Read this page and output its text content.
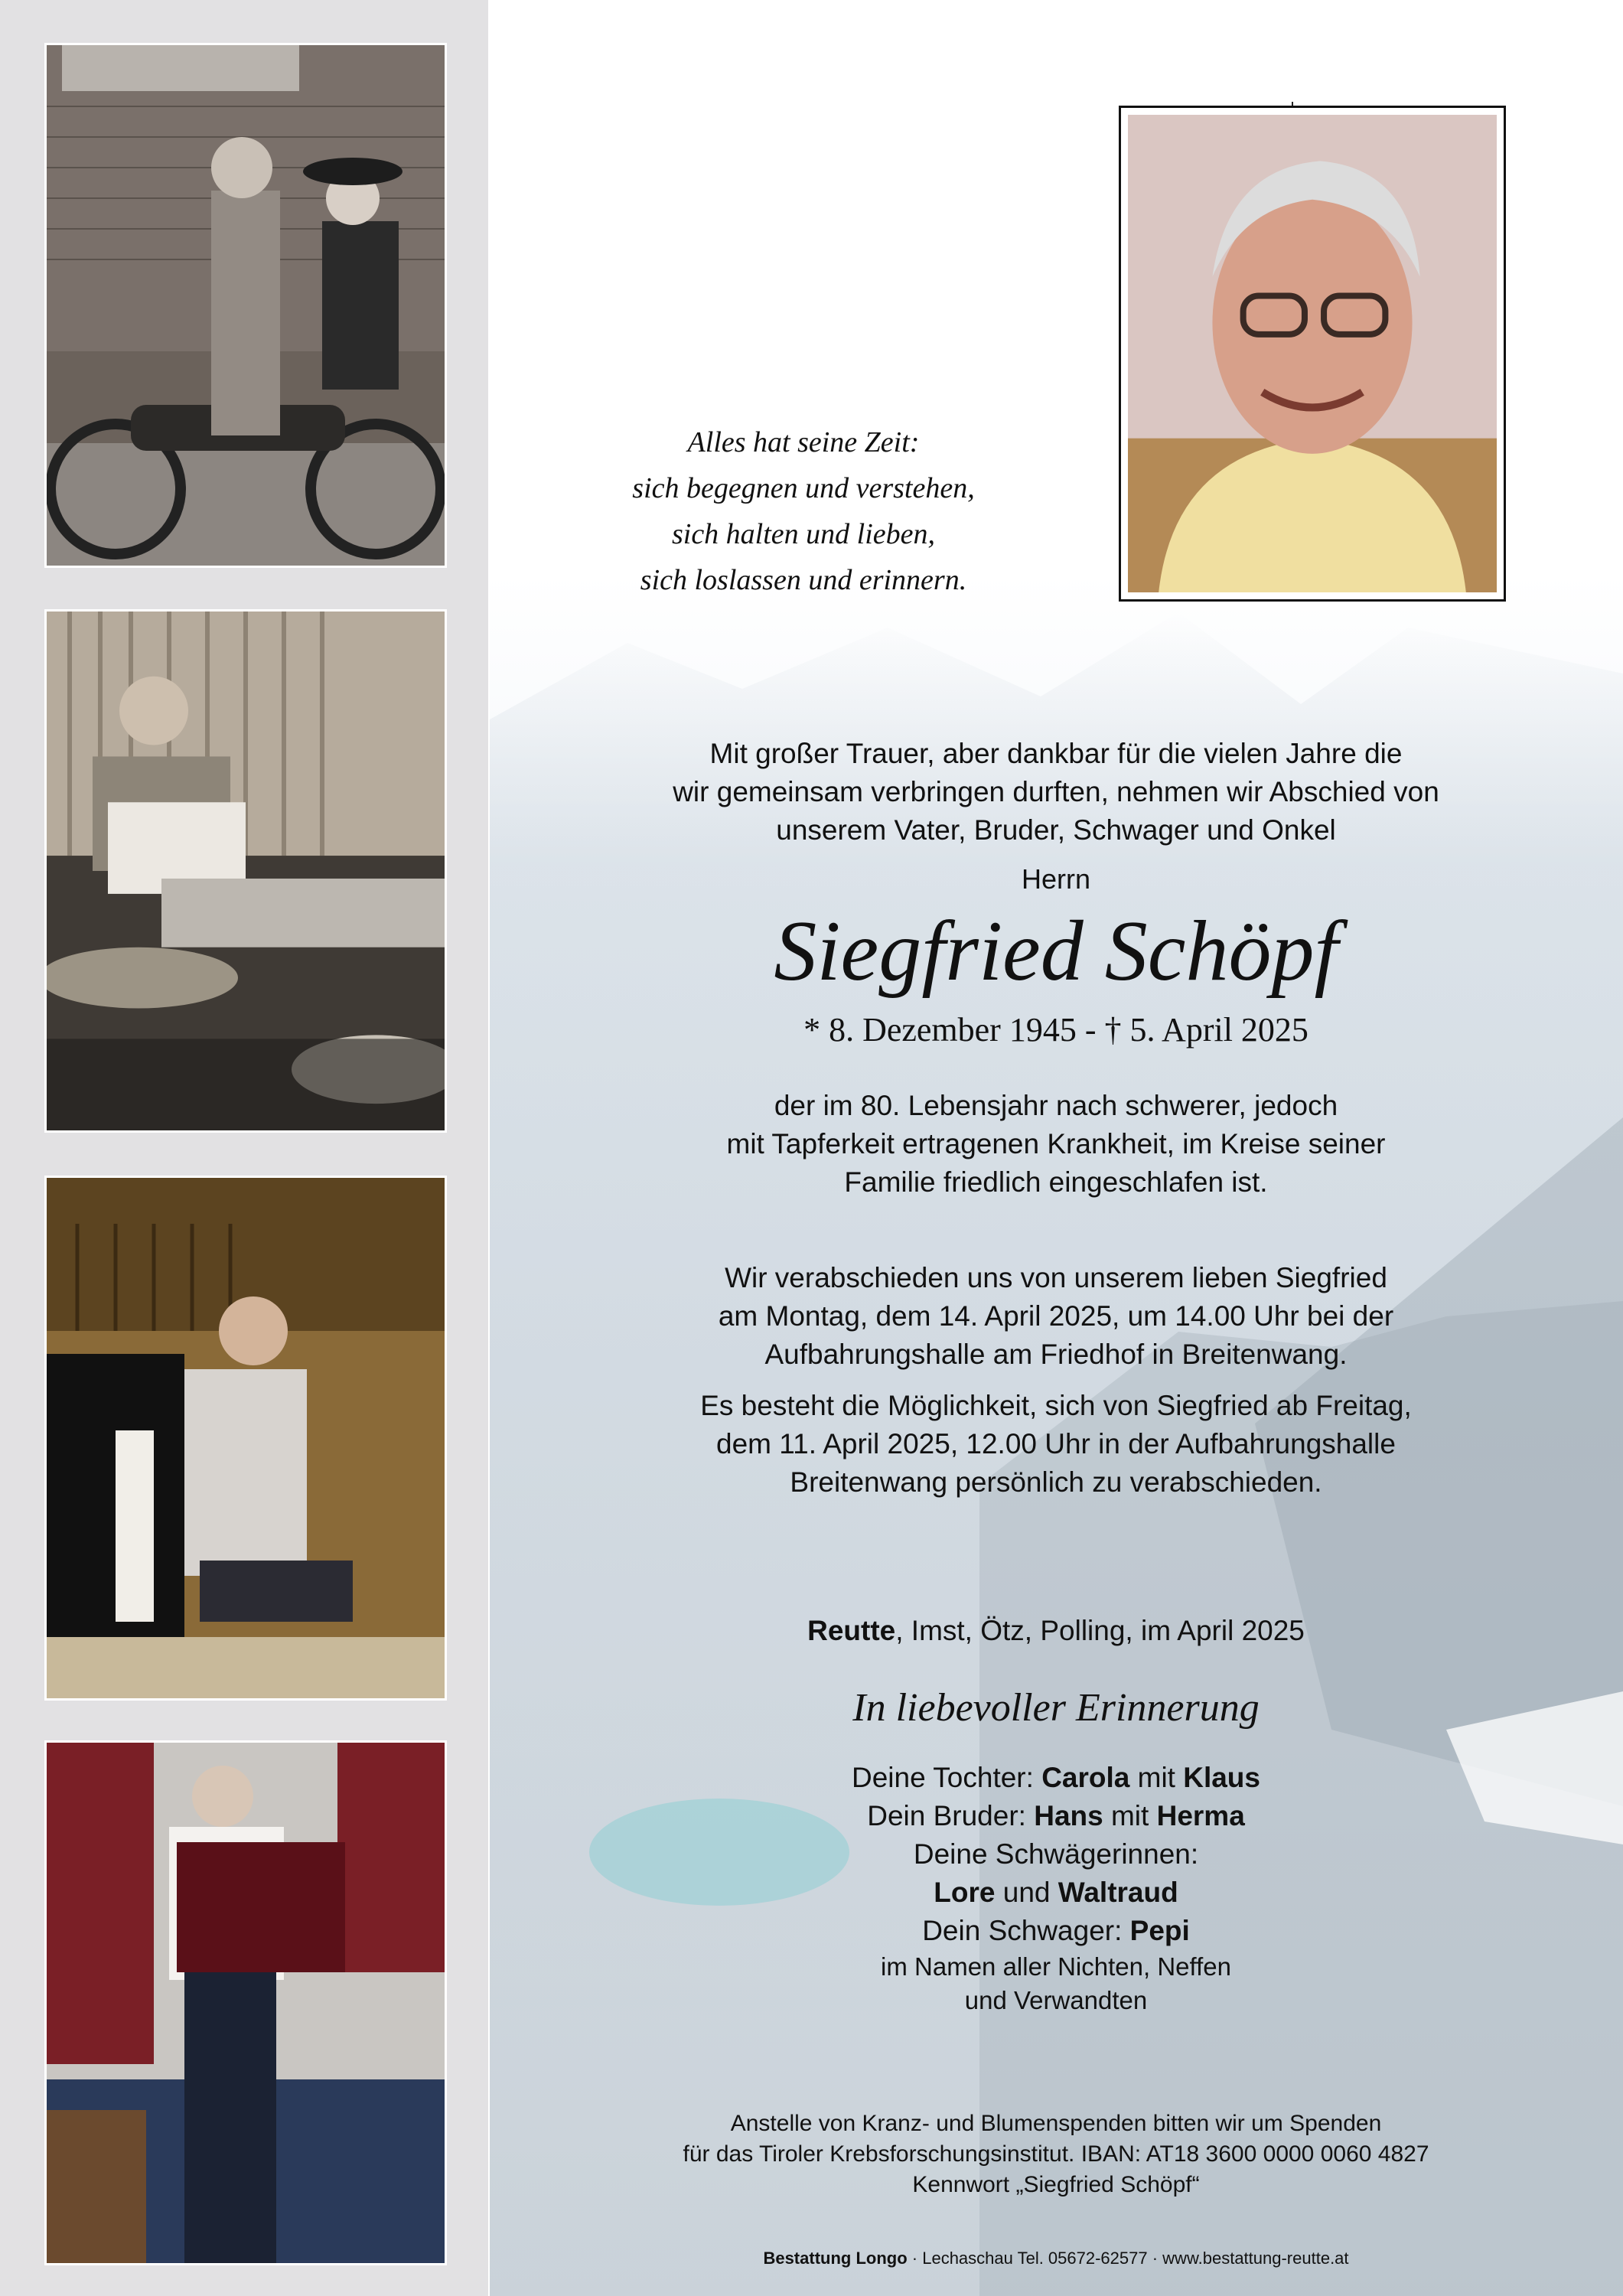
Alles hat seine Zeit:
sich begegnen und verstehen,
sich halten und lieben,
sich loslassen und erinnern.
Mit großer Trauer, aber dankbar für die vielen Jahre die
wir gemeinsam verbringen durften, nehmen wir Abschied von
unserem Vater, Bruder, Schwager und Onkel
Herrn
Siegfried Schöpf
* 8. Dezember 1945 - † 5. April 2025
der im 80. Lebensjahr nach schwerer, jedoch
mit Tapferkeit ertragenen Krankheit, im Kreise seiner
Familie friedlich eingeschlafen ist.
Wir verabschieden uns von unserem lieben Siegfried
am Montag, dem 14. April 2025, um 14.00 Uhr bei der
Aufbahrungshalle am Friedhof in Breitenwang.
Es besteht die Möglichkeit, sich von Siegfried ab Freitag,
dem 11. April 2025, 12.00 Uhr in der Aufbahrungshalle
Breitenwang persönlich zu verabschieden.
Reutte, Imst, Ötz, Polling, im April 2025
In liebevoller Erinnerung
Deine Tochter: Carola mit Klaus
Dein Bruder: Hans mit Herma
Deine Schwägerinnen:
Lore und Waltraud
Dein Schwager: Pepi
im Namen aller Nichten, Neffen
und Verwandten
Anstelle von Kranz- und Blumenspenden bitten wir um Spenden
für das Tiroler Krebsforschungsinstitut. IBAN: AT18 3600 0000 0060 4827
Kennwort „Siegfried Schöpf“
Bestattung Longo · Lechaschau Tel. 05672-62577 · www.bestattung-reutte.at
